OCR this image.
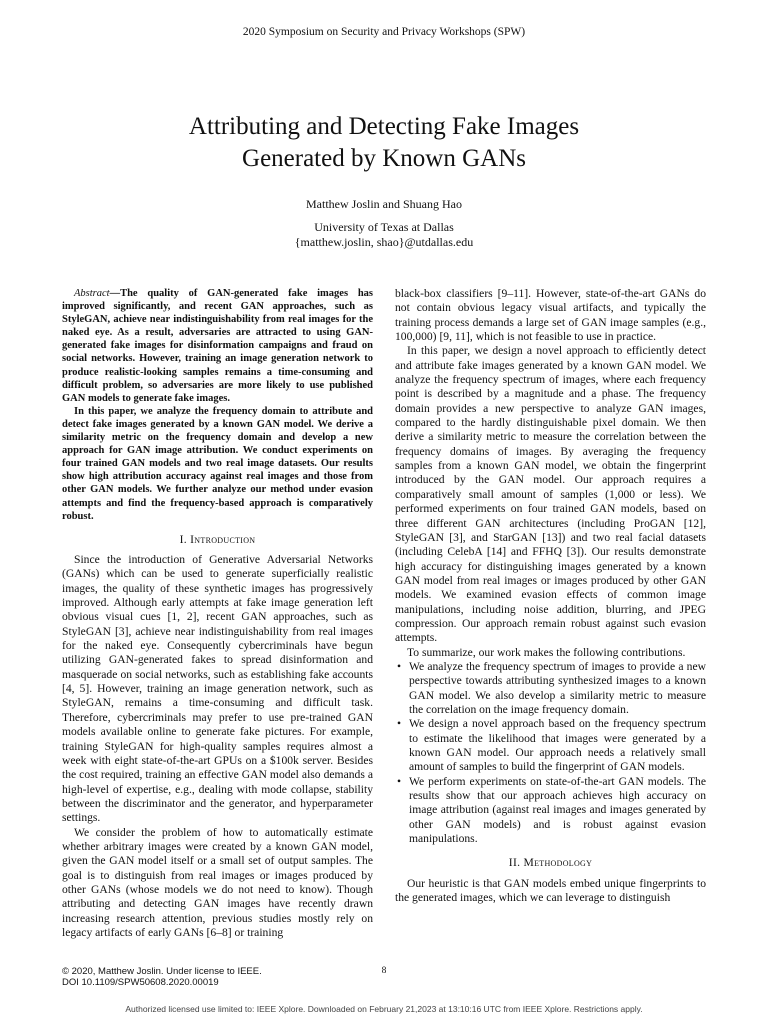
2020 Symposium on Security and Privacy Workshops (SPW)
Attributing and Detecting Fake Images
Generated by Known GANs
Matthew Joslin and Shuang Hao
University of Texas at Dallas
{matthew.joslin, shao}@utdallas.edu

Abstract—The quality of GAN-generated fake images has improved significantly, and recent GAN approaches, such as StyleGAN, achieve near indistinguishability from real images for the naked eye. As a result, adversaries are attracted to using GAN-generated fake images for disinformation campaigns and fraud on social networks. However, training an image generation network to produce realistic-looking samples remains a time-consuming and difficult problem, so adversaries are more likely to use published GAN models to generate fake images.

In this paper, we analyze the frequency domain to attribute and detect fake images generated by a known GAN model. We derive a similarity metric on the frequency domain and develop a new approach for GAN image attribution. We conduct experiments on four trained GAN models and two real image datasets. Our results show high attribution accuracy against real images and those from other GAN models. We further analyze our method under evasion attempts and find the frequency-based approach is comparatively robust.

I. Introduction

Since the introduction of Generative Adversarial Networks (GANs) which can be used to generate superficially realistic images, the quality of these synthetic images has progressively improved. Although early attempts at fake image generation left obvious visual cues [1, 2], recent GAN approaches, such as StyleGAN [3], achieve near indistinguishability from real images for the naked eye. Consequently cybercriminals have begun utilizing GAN-generated fakes to spread disinformation and masquerade on social networks, such as establishing fake accounts [4, 5]. However, training an image generation network, such as StyleGAN, remains a time-consuming and difficult task. Therefore, cybercriminals may prefer to use pre-trained GAN models available online to generate fake pictures. For example, training StyleGAN for high-quality samples requires almost a week with eight state-of-the-art GPUs on a $100k server. Besides the cost required, training an effective GAN model also demands a high-level of expertise, e.g., dealing with mode collapse, stability between the discriminator and the generator, and hyperparameter settings.

We consider the problem of how to automatically estimate whether arbitrary images were created by a known GAN model, given the GAN model itself or a small set of output samples. The goal is to distinguish from real images or images produced by other GANs (whose models we do not need to know). Though attributing and detecting GAN images have recently drawn increasing research attention, previous studies mostly rely on legacy artifacts of early GANs [6–8] or training

black-box classifiers [9–11]. However, state-of-the-art GANs do not contain obvious legacy visual artifacts, and typically the training process demands a large set of GAN image samples (e.g., 100,000) [9, 11], which is not feasible to use in practice.

In this paper, we design a novel approach to efficiently detect and attribute fake images generated by a known GAN model. We analyze the frequency spectrum of images, where each frequency point is described by a magnitude and a phase. The frequency domain provides a new perspective to analyze GAN images, compared to the hardly distinguishable pixel domain. We then derive a similarity metric to measure the correlation between the frequency domains of images. By averaging the frequency samples from a known GAN model, we obtain the fingerprint introduced by the GAN model. Our approach requires a comparatively small amount of samples (1,000 or less). We performed experiments on four trained GAN models, based on three different GAN architectures (including ProGAN [12], StyleGAN [3], and StarGAN [13]) and two real facial datasets (including CelebA [14] and FFHQ [3]). Our results demonstrate high accuracy for distinguishing images generated by a known GAN model from real images or images produced by other GAN models. We examined evasion effects of common image manipulations, including noise addition, blurring, and JPEG compression. Our approach remain robust against such evasion attempts.

To summarize, our work makes the following contributions.

• We analyze the frequency spectrum of images to provide a new perspective towards attributing synthesized images to a known GAN model. We also develop a similarity metric to measure the correlation on the image frequency domain.
• We design a novel approach based on the frequency spectrum to estimate the likelihood that images were generated by a known GAN model. Our approach needs a relatively small amount of samples to build the fingerprint of GAN models.
• We perform experiments on state-of-the-art GAN models. The results show that our approach achieves high accuracy on image attribution (against real images and images generated by other GAN models) and is robust against evasion manipulations.
II. Methodology

Our heuristic is that GAN models embed unique fingerprints to the generated images, which we can leverage to distinguish

© 2020, Matthew Joslin. Under license to IEEE.
DOI 10.1109/SPW50608.2020.00019
8
Authorized licensed use limited to: IEEE Xplore. Downloaded on February 21,2023 at 13:10:16 UTC from IEEE Xplore. Restrictions apply.
